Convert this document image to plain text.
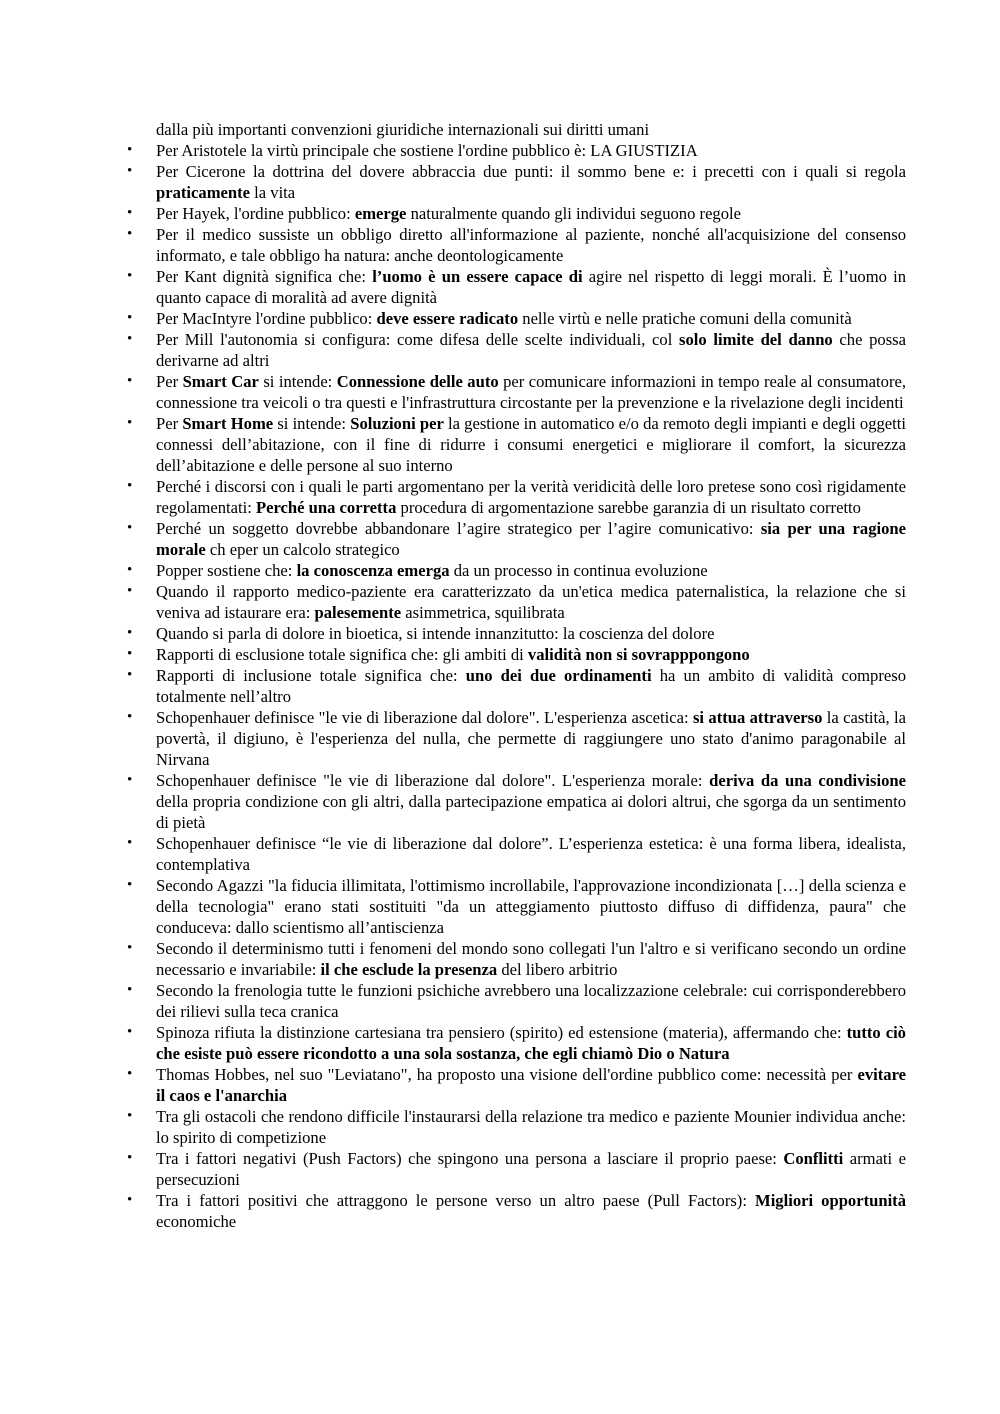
dalla più importanti convenzioni giuridiche internazionali sui diritti umani

• Per Aristotele la virtù principale che sostiene l'ordine pubblico è: LA GIUSTIZIA
• Per Cicerone la dottrina del dovere abbraccia due punti: il sommo bene e: i precetti con i quali si regola praticamente la vita
• Per Hayek, l'ordine pubblico: emerge naturalmente quando gli individui seguono regole
• Per il medico sussiste un obbligo diretto all'informazione al paziente, nonché all'acquisizione del consenso informato, e tale obbligo ha natura: anche deontologicamente
• Per Kant dignità significa che: l’uomo è un essere capace di agire nel rispetto di leggi morali. È l’uomo in quanto capace di moralità ad avere dignità
• Per MacIntyre l'ordine pubblico: deve essere radicato nelle virtù e nelle pratiche comuni della comunità
• Per Mill l'autonomia si configura: come difesa delle scelte individuali, col solo limite del danno che possa derivarne ad altri
• Per Smart Car si intende: Connessione delle auto per comunicare informazioni in tempo reale al consumatore, connessione tra veicoli o tra questi e l'infrastruttura circostante per la prevenzione e la rivelazione degli incidenti
• Per Smart Home si intende: Soluzioni per la gestione in automatico e/o da remoto degli impianti e degli oggetti connessi dell’abitazione, con il fine di ridurre i consumi energetici e migliorare il comfort, la sicurezza dell’abitazione e delle persone al suo interno
• Perché i discorsi con i quali le parti argomentano per la verità veridicità delle loro pretese sono così rigidamente regolamentati: Perché una corretta procedura di argomentazione sarebbe garanzia di un risultato corretto
• Perché un soggetto dovrebbe abbandonare l’agire strategico per l’agire comunicativo: sia per una ragione morale ch eper un calcolo strategico
• Popper sostiene che: la conoscenza emerga da un processo in continua evoluzione
• Quando il rapporto medico-paziente era caratterizzato da un'etica medica paternalistica, la relazione che si veniva ad istaurare era: palesemente asimmetrica, squilibrata
• Quando si parla di dolore in bioetica, si intende innanzitutto: la coscienza del dolore
• Rapporti di esclusione totale significa che: gli ambiti di validità non si sovrapppongono
• Rapporti di inclusione totale significa che: uno dei due ordinamenti ha un ambito di validità compreso totalmente nell’altro
• Schopenhauer definisce "le vie di liberazione dal dolore". L'esperienza ascetica: si attua attraverso la castità, la povertà, il digiuno, è l'esperienza del nulla, che permette di raggiungere uno stato d'animo paragonabile al Nirvana
• Schopenhauer definisce "le vie di liberazione dal dolore". L'esperienza morale: deriva da una condivisione della propria condizione con gli altri, dalla partecipazione empatica ai dolori altrui, che sgorga da un sentimento di pietà
• Schopenhauer definisce “le vie di liberazione dal dolore”. L’esperienza estetica: è una forma libera, idealista, contemplativa
• Secondo Agazzi "la fiducia illimitata, l'ottimismo incrollabile, l'approvazione incondizionata […] della scienza e della tecnologia" erano stati sostituiti "da un atteggiamento piuttosto diffuso di diffidenza, paura" che conduceva: dallo scientismo all’antiscienza
• Secondo il determinismo tutti i fenomeni del mondo sono collegati l'un l'altro e si verificano secondo un ordine necessario e invariabile: il che esclude la presenza del libero arbitrio
• Secondo la frenologia tutte le funzioni psichiche avrebbero una localizzazione celebrale: cui corrisponderebbero dei rilievi sulla teca cranica
• Spinoza rifiuta la distinzione cartesiana tra pensiero (spirito) ed estensione (materia), affermando che: tutto ciò che esiste può essere ricondotto a una sola sostanza, che egli chiamò Dio o Natura
• Thomas Hobbes, nel suo "Leviatano", ha proposto una visione dell'ordine pubblico come: necessità per evitare il caos e l'anarchia
• Tra gli ostacoli che rendono difficile l'instaurarsi della relazione tra medico e paziente Mounier individua anche: lo spirito di competizione
• Tra i fattori negativi (Push Factors) che spingono una persona a lasciare il proprio paese: Conflitti armati e persecuzioni
• Tra i fattori positivi che attraggono le persone verso un altro paese (Pull Factors): Migliori opportunità economiche
